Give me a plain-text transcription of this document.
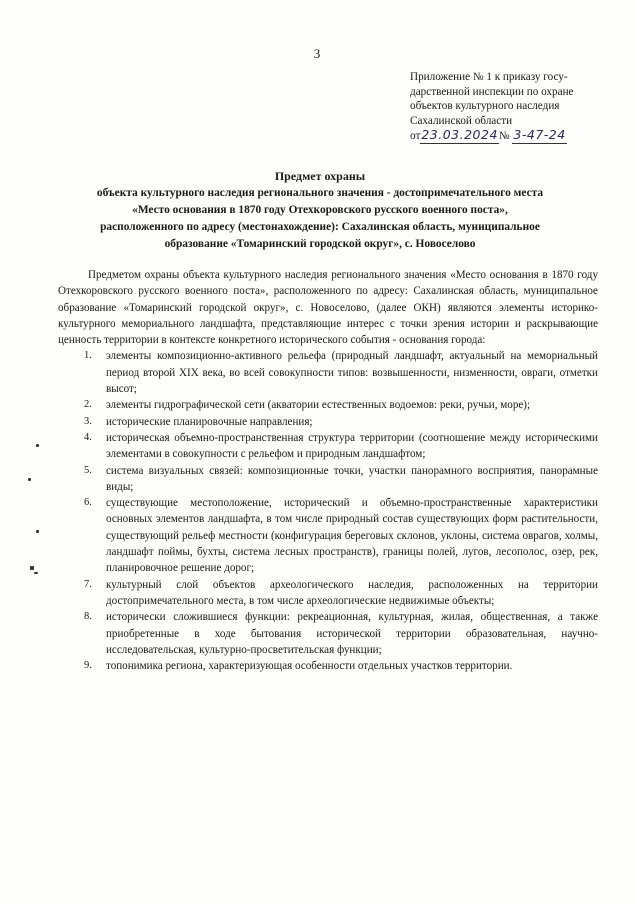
3
Приложение № 1 к приказу госу-
дарственной инспекции по охране
объектов культурного наследия
Сахалинской области
от23.03.2024№ 3-47-24
Предмет охраны
объекта культурного наследия регионального значения - достопримечательного места
«Место основания в 1870 году Отехкоровского русского военного поста»,
расположенного по адресу (местонахождение): Сахалинская область, муниципальное
образование «Томаринский городской округ», с. Новоселово

Предметом охраны объекта культурного наследия регионального значения «Место основания в 1870 году Отехкоровского русского военного поста», расположенного по адресу: Сахалинская область, муниципальное образование «Томаринский городской округ», с. Новоселово, (далее ОКН) являются элементы историко-культурного мемориального ландшафта, представляющие интерес с точки зрения истории и раскрывающие ценность территории в контексте конкретного исторического события - основания города:

1. элементы композиционно-активного рельефа (природный ландшафт, актуальный на мемориальный период второй XIX века, во всей совокупности типов: возвышенности, низменности, овраги, отметки высот;
2. элементы гидрографической сети (акватории естественных водоемов: реки, ручьи, море);
3. исторические планировочные направления;
4. историческая объемно-пространственная структура территории (соотношение между историческими элементами в совокупности с рельефом и природным ландшафтом;
5. система визуальных связей: композиционные точки, участки панорамного восприятия, панорамные виды;
6. существующие местоположение, исторический и объемно-пространственные характеристики основных элементов ландшафта, в том числе природный состав существующих форм растительности, существующий рельеф местности (конфигурация береговых склонов, уклоны, система оврагов, холмы, ландшафт поймы, бухты, система лесных пространств), границы полей, лугов, лесополос, озер, рек, планировочное решение дорог;
7. культурный слой объектов археологического наследия, расположенных на территории достопримечательного места, в том числе археологические недвижимые объекты;
8. исторически сложившиеся функции: рекреационная, культурная, жилая, общественная, а также приобретенные в ходе бытования исторической территории образовательная, научно-исследовательская, культурно-просветительская функции;
9. топонимика региона, характеризующая особенности отдельных участков территории.
